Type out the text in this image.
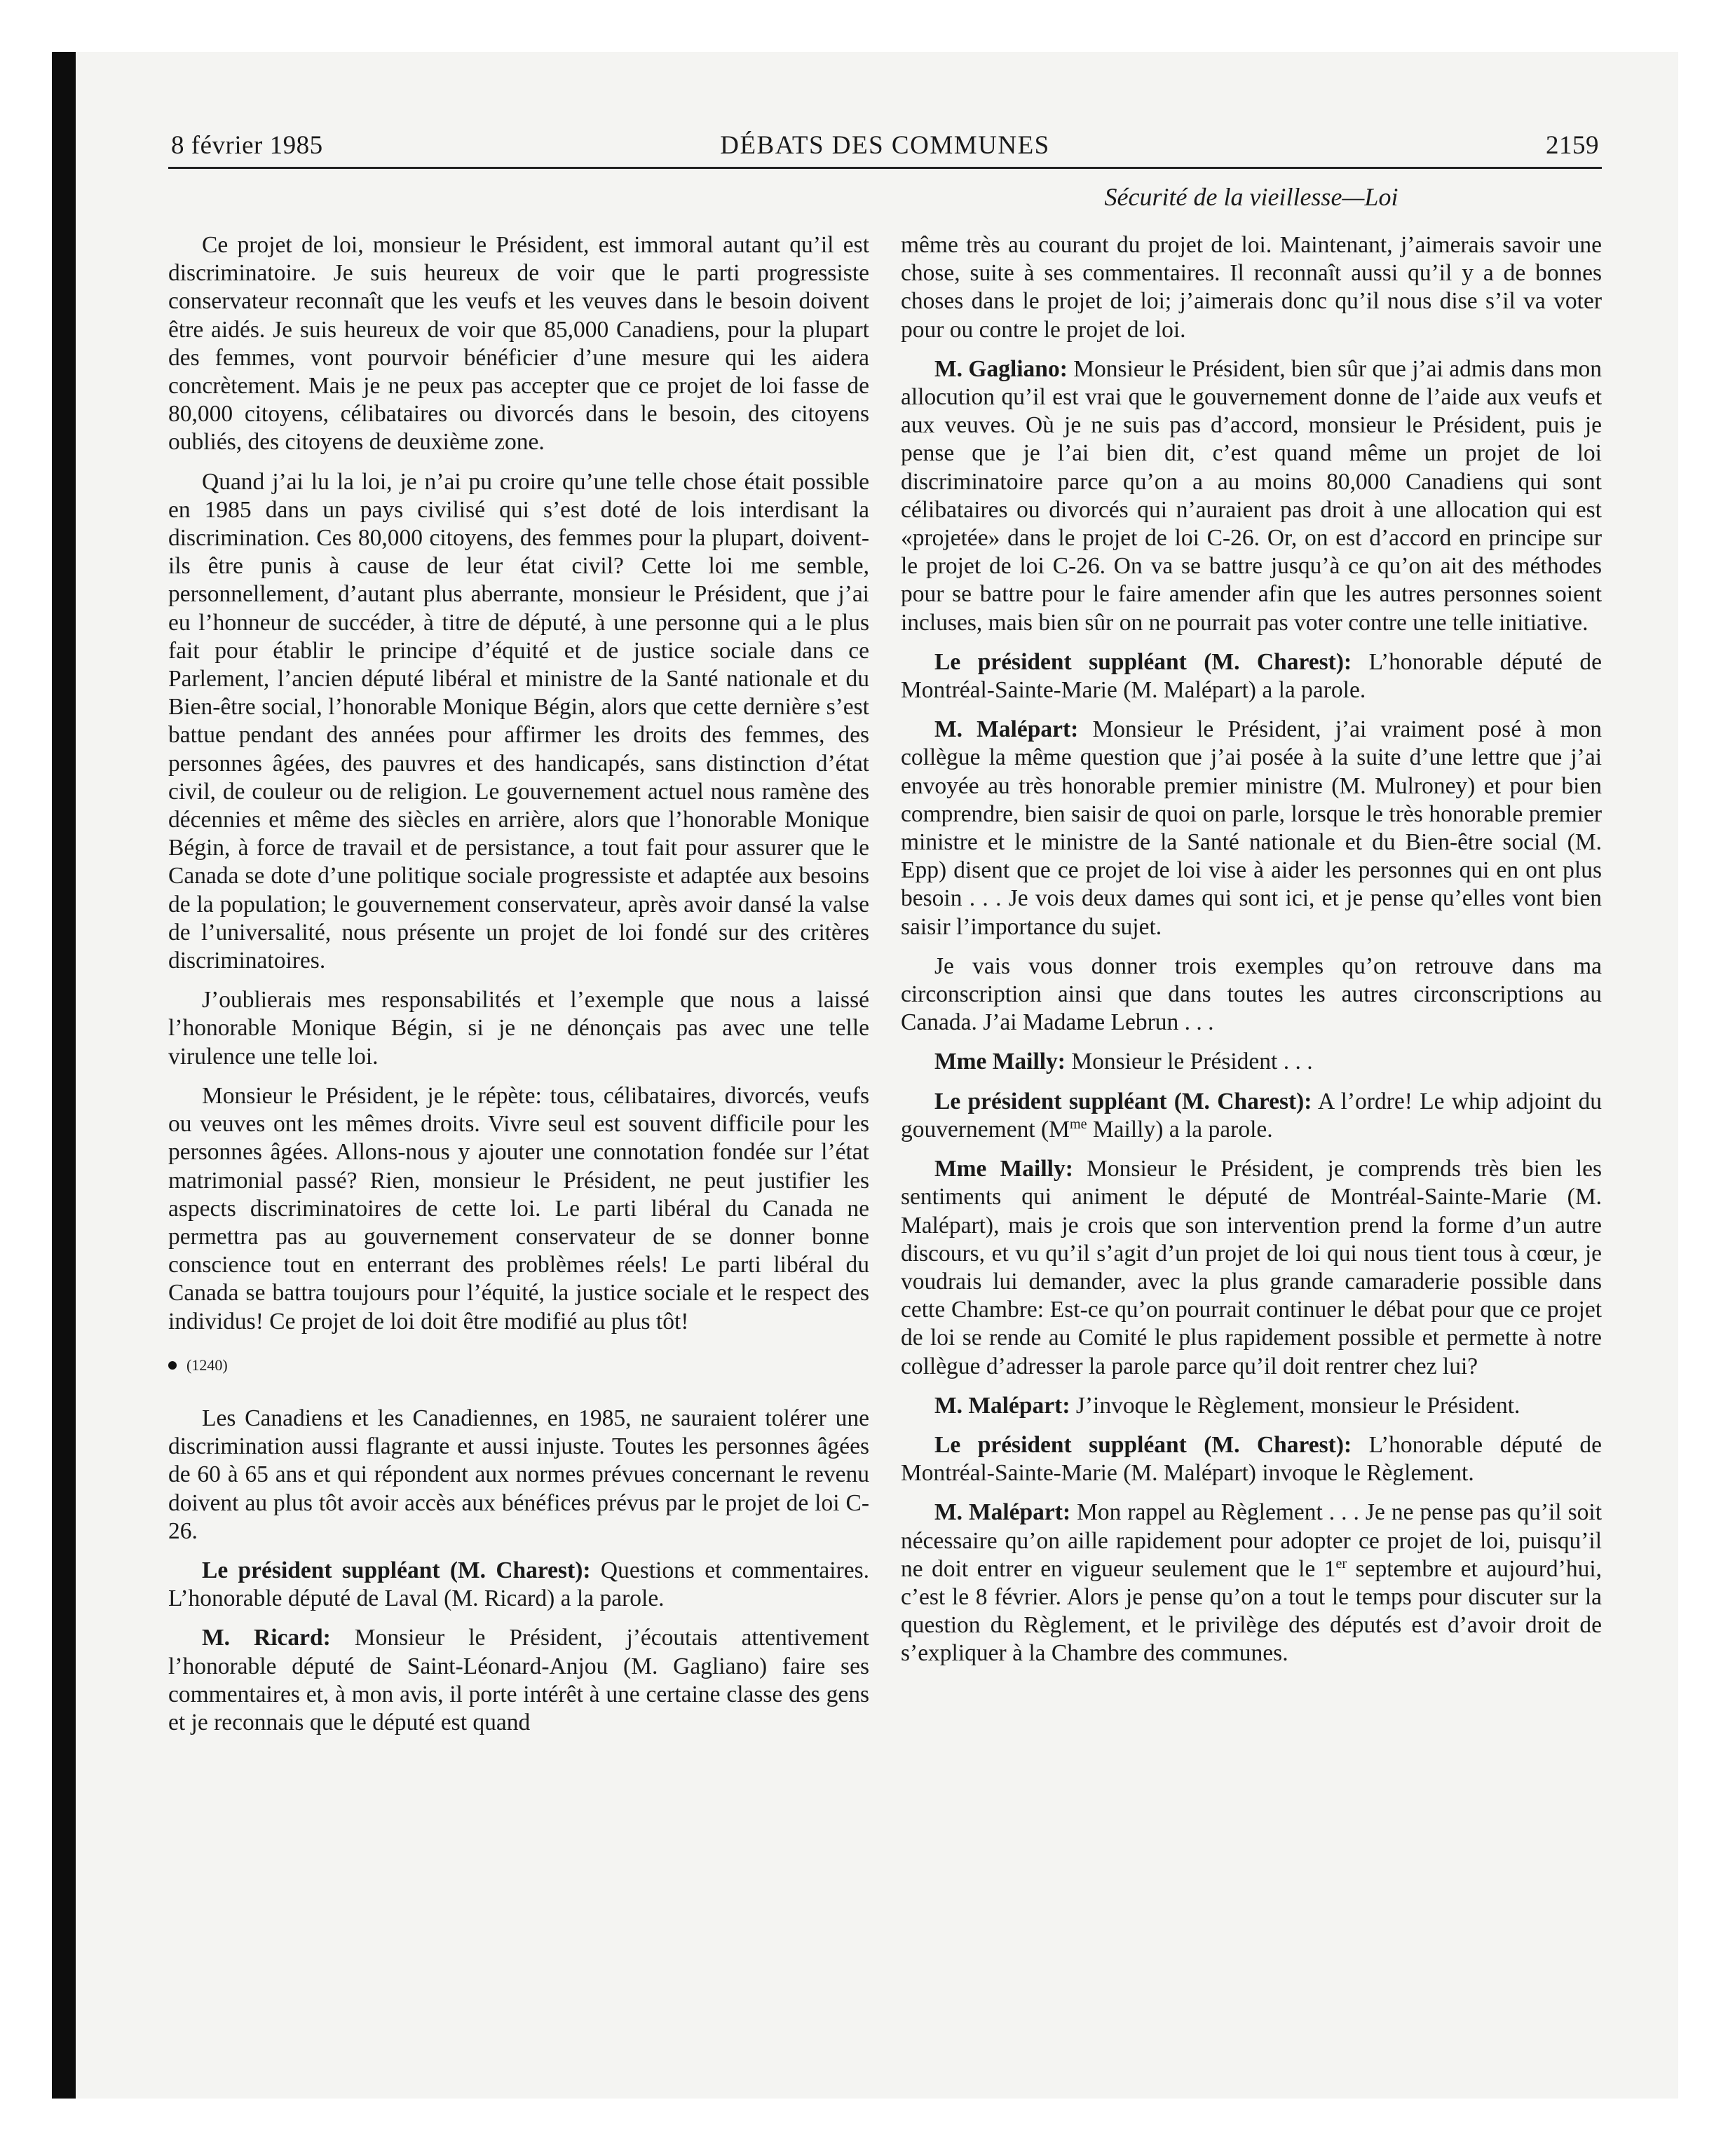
8 février 1985	DÉBATS DES COMMUNES	2159
Sécurité de la vieillesse—Loi

Ce projet de loi, monsieur le Président, est immoral autant qu’il est discriminatoire. Je suis heureux de voir que le parti progressiste conservateur reconnaît que les veufs et les veuves dans le besoin doivent être aidés. Je suis heureux de voir que 85,000 Canadiens, pour la plupart des femmes, vont pourvoir bénéficier d’une mesure qui les aidera concrètement. Mais je ne peux pas accepter que ce projet de loi fasse de 80,000 citoyens, célibataires ou divorcés dans le besoin, des citoyens oubliés, des citoyens de deuxième zone.

Quand j’ai lu la loi, je n’ai pu croire qu’une telle chose était possible en 1985 dans un pays civilisé qui s’est doté de lois interdisant la discrimination. Ces 80,000 citoyens, des femmes pour la plupart, doivent-ils être punis à cause de leur état civil? Cette loi me semble, personnellement, d’autant plus aberrante, monsieur le Président, que j’ai eu l’honneur de succéder, à titre de député, à une personne qui a le plus fait pour établir le principe d’équité et de justice sociale dans ce Parlement, l’ancien député libéral et ministre de la Santé nationale et du Bien-être social, l’honorable Monique Bégin, alors que cette dernière s’est battue pendant des années pour affirmer les droits des femmes, des personnes âgées, des pauvres et des handicapés, sans distinction d’état civil, de couleur ou de religion. Le gouvernement actuel nous ramène des décennies et même des siècles en arrière, alors que l’honorable Monique Bégin, à force de travail et de persistance, a tout fait pour assurer que le Canada se dote d’une politique sociale progressiste et adaptée aux besoins de la population; le gouvernement conservateur, après avoir dansé la valse de l’universalité, nous présente un projet de loi fondé sur des critères discriminatoires.

J’oublierais mes responsabilités et l’exemple que nous a laissé l’honorable Monique Bégin, si je ne dénonçais pas avec une telle virulence une telle loi.

Monsieur le Président, je le répète: tous, célibataires, divorcés, veufs ou veuves ont les mêmes droits. Vivre seul est souvent difficile pour les personnes âgées. Allons-nous y ajouter une connotation fondée sur l’état matrimonial passé? Rien, monsieur le Président, ne peut justifier les aspects discriminatoires de cette loi. Le parti libéral du Canada ne permettra pas au gouvernement conservateur de se donner bonne conscience tout en enterrant des problèmes réels! Le parti libéral du Canada se battra toujours pour l’équité, la justice sociale et le respect des individus! Ce projet de loi doit être modifié au plus tôt!

(1240)

Les Canadiens et les Canadiennes, en 1985, ne sauraient tolérer une discrimination aussi flagrante et aussi injuste. Toutes les personnes âgées de 60 à 65 ans et qui répondent aux normes prévues concernant le revenu doivent au plus tôt avoir accès aux bénéfices prévus par le projet de loi C-26.

Le président suppléant (M. Charest): Questions et commentaires. L’honorable député de Laval (M. Ricard) a la parole.

M. Ricard: Monsieur le Président, j’écoutais attentivement l’honorable député de Saint-Léonard-Anjou (M. Gagliano) faire ses commentaires et, à mon avis, il porte intérêt à une certaine classe des gens et je reconnais que le député est quand

même très au courant du projet de loi. Maintenant, j’aimerais savoir une chose, suite à ses commentaires. Il reconnaît aussi qu’il y a de bonnes choses dans le projet de loi; j’aimerais donc qu’il nous dise s’il va voter pour ou contre le projet de loi.

M. Gagliano: Monsieur le Président, bien sûr que j’ai admis dans mon allocution qu’il est vrai que le gouvernement donne de l’aide aux veufs et aux veuves. Où je ne suis pas d’accord, monsieur le Président, puis je pense que je l’ai bien dit, c’est quand même un projet de loi discriminatoire parce qu’on a au moins 80,000 Canadiens qui sont célibataires ou divorcés qui n’auraient pas droit à une allocation qui est «projetée» dans le projet de loi C-26. Or, on est d’accord en principe sur le projet de loi C-26. On va se battre jusqu’à ce qu’on ait des méthodes pour se battre pour le faire amender afin que les autres personnes soient incluses, mais bien sûr on ne pourrait pas voter contre une telle initiative.

Le président suppléant (M. Charest): L’honorable député de Montréal-Sainte-Marie (M. Malépart) a la parole.

M. Malépart: Monsieur le Président, j’ai vraiment posé à mon collègue la même question que j’ai posée à la suite d’une lettre que j’ai envoyée au très honorable premier ministre (M. Mulroney) et pour bien comprendre, bien saisir de quoi on parle, lorsque le très honorable premier ministre et le ministre de la Santé nationale et du Bien-être social (M. Epp) disent que ce projet de loi vise à aider les personnes qui en ont plus besoin . . . Je vois deux dames qui sont ici, et je pense qu’elles vont bien saisir l’importance du sujet.

Je vais vous donner trois exemples qu’on retrouve dans ma circonscription ainsi que dans toutes les autres circonscriptions au Canada. J’ai Madame Lebrun . . .

Mme Mailly: Monsieur le Président . . .

Le président suppléant (M. Charest): A l’ordre! Le whip adjoint du gouvernement ($M^{me}$ Mailly) a la parole.

Mme Mailly: Monsieur le Président, je comprends très bien les sentiments qui animent le député de Montréal-Sainte-Marie (M. Malépart), mais je crois que son intervention prend la forme d’un autre discours, et vu qu’il s’agit d’un projet de loi qui nous tient tous à cœur, je voudrais lui demander, avec la plus grande camaraderie possible dans cette Chambre: Est-ce qu’on pourrait continuer le débat pour que ce projet de loi se rende au Comité le plus rapidement possible et permette à notre collègue d’adresser la parole parce qu’il doit rentrer chez lui?

M. Malépart: J’invoque le Règlement, monsieur le Président.

Le président suppléant (M. Charest): L’honorable député de Montréal-Sainte-Marie (M. Malépart) invoque le Règlement.

M. Malépart: Mon rappel au Règlement . . . Je ne pense pas qu’il soit nécessaire qu’on aille rapidement pour adopter ce projet de loi, puisqu’il ne doit entrer en vigueur seulement que le 1er septembre et aujourd’hui, c’est le 8 février. Alors je pense qu’on a tout le temps pour discuter sur la question du Règlement, et le privilège des députés est d’avoir droit de s’expliquer à la Chambre des communes.
